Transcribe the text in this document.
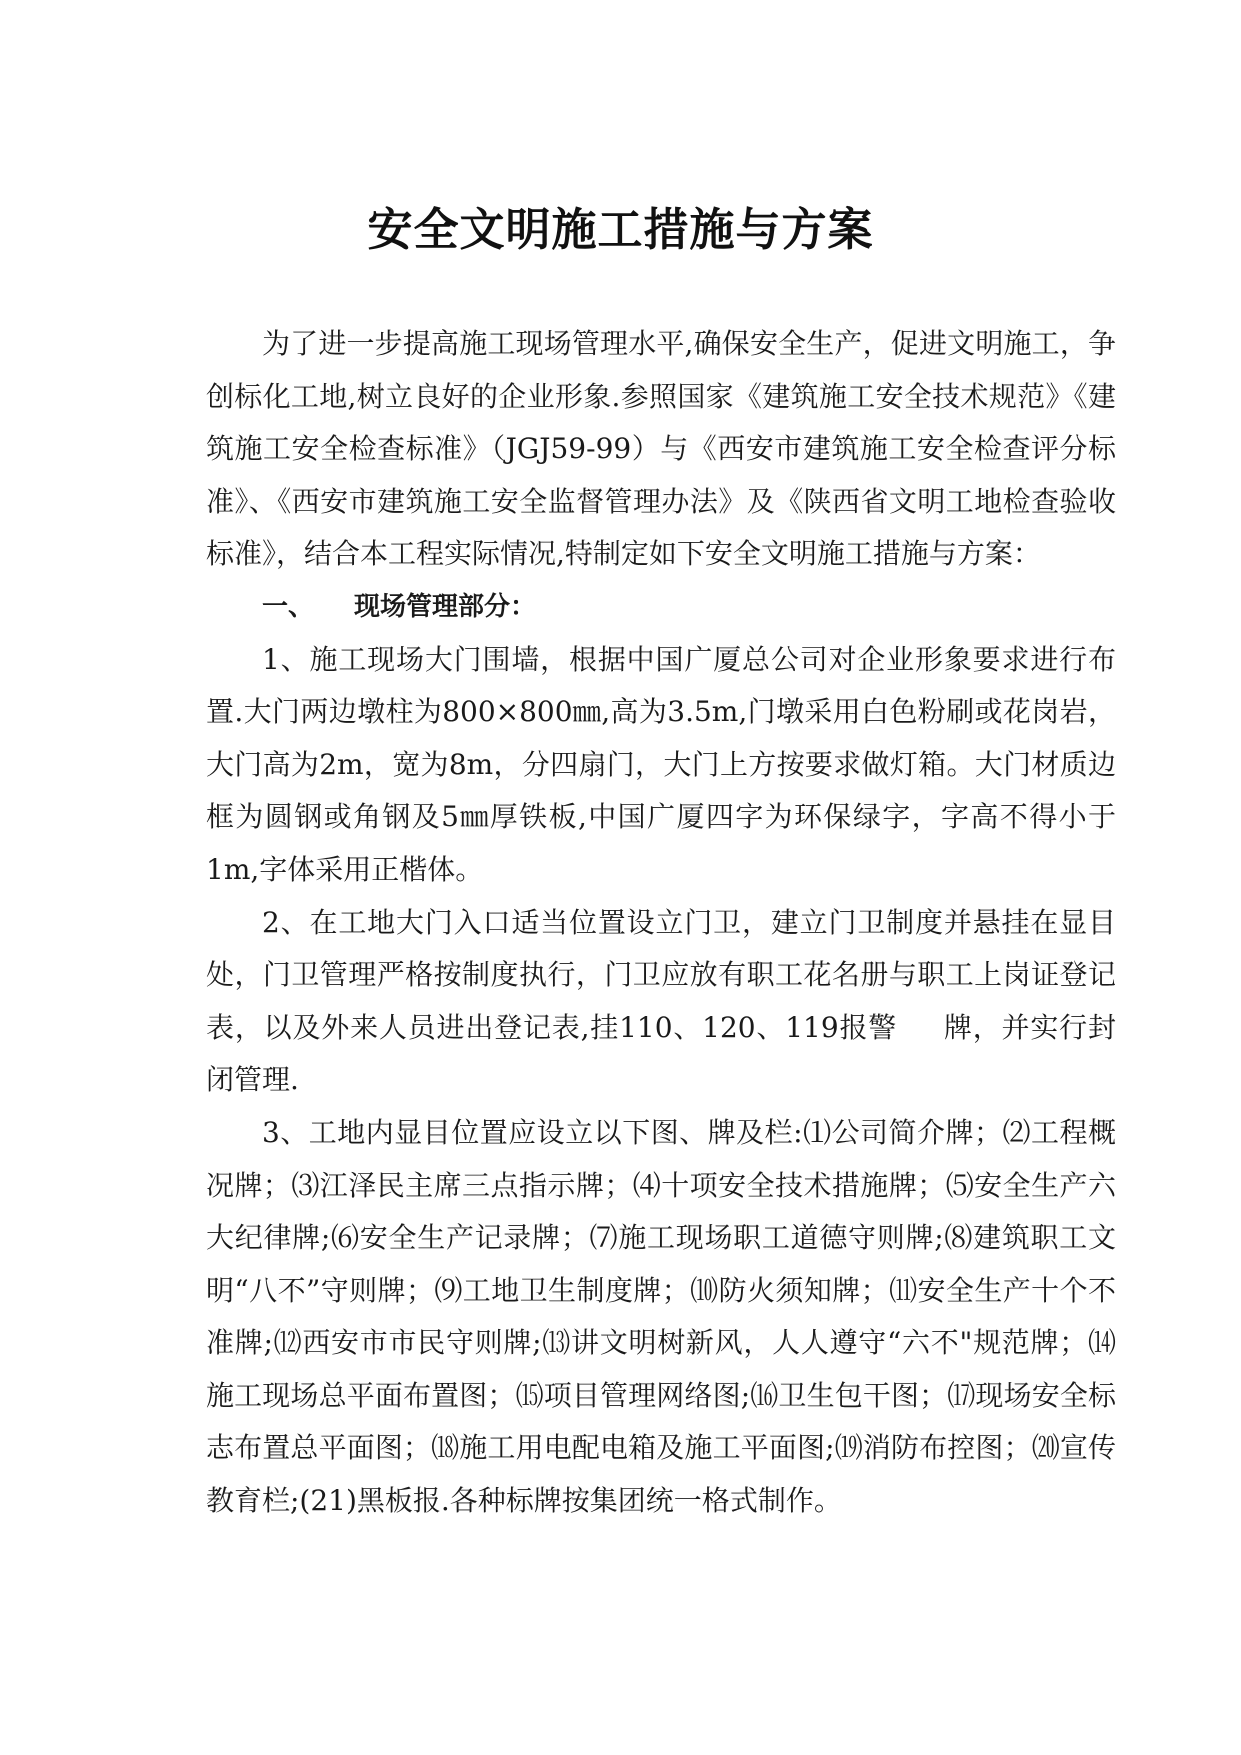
安全文明施工措施与方案

为了进一步提高施工现场管理水平,确保安全生产，促进文明施工，争创标化工地,树立良好的企业形象.参照国家《建筑施工安全技术规范》《建筑施工安全检查标准》（JGJ59-99）与《西安市建筑施工安全检查评分标准》、《西安市建筑施工安全监督管理办法》及《陕西省文明工地检查验收标准》，结合本工程实际情况,特制定如下安全文明施工措施与方案：

一、 现场管理部分：

1、施工现场大门围墙，根据中国广厦总公司对企业形象要求进行布置.大门两边墩柱为800×800㎜,高为3.5m,门墩采用白色粉刷或花岗岩，大门高为2m，宽为8m，分四扇门，大门上方按要求做灯箱。大门材质边框为圆钢或角钢及5㎜厚铁板,中国广厦四字为环保绿字，字高不得小于1m,字体采用正楷体。

2、在工地大门入口适当位置设立门卫，建立门卫制度并悬挂在显目处，门卫管理严格按制度执行，门卫应放有职工花名册与职工上岗证登记表，以及外来人员进出登记表,挂110、120、119报警 牌，并实行封闭管理.

3、工地内显目位置应设立以下图、牌及栏:⑴公司简介牌；⑵工程概况牌；⑶江泽民主席三点指示牌；⑷十项安全技术措施牌；⑸安全生产六大纪律牌;⑹安全生产记录牌；⑺施工现场职工道德守则牌;⑻建筑职工文明“八不”守则牌；⑼工地卫生制度牌；⑽防火须知牌；⑾安全生产十个不准牌;⑿西安市市民守则牌;⒀讲文明树新风，人人遵守“六不"规范牌；⒁施工现场总平面布置图；⒂项目管理网络图;⒃卫生包干图；⒄现场安全标志布置总平面图；⒅施工用电配电箱及施工平面图;⒆消防布控图；⒇宣传教育栏;(21)黑板报.各种标牌按集团统一格式制作。
